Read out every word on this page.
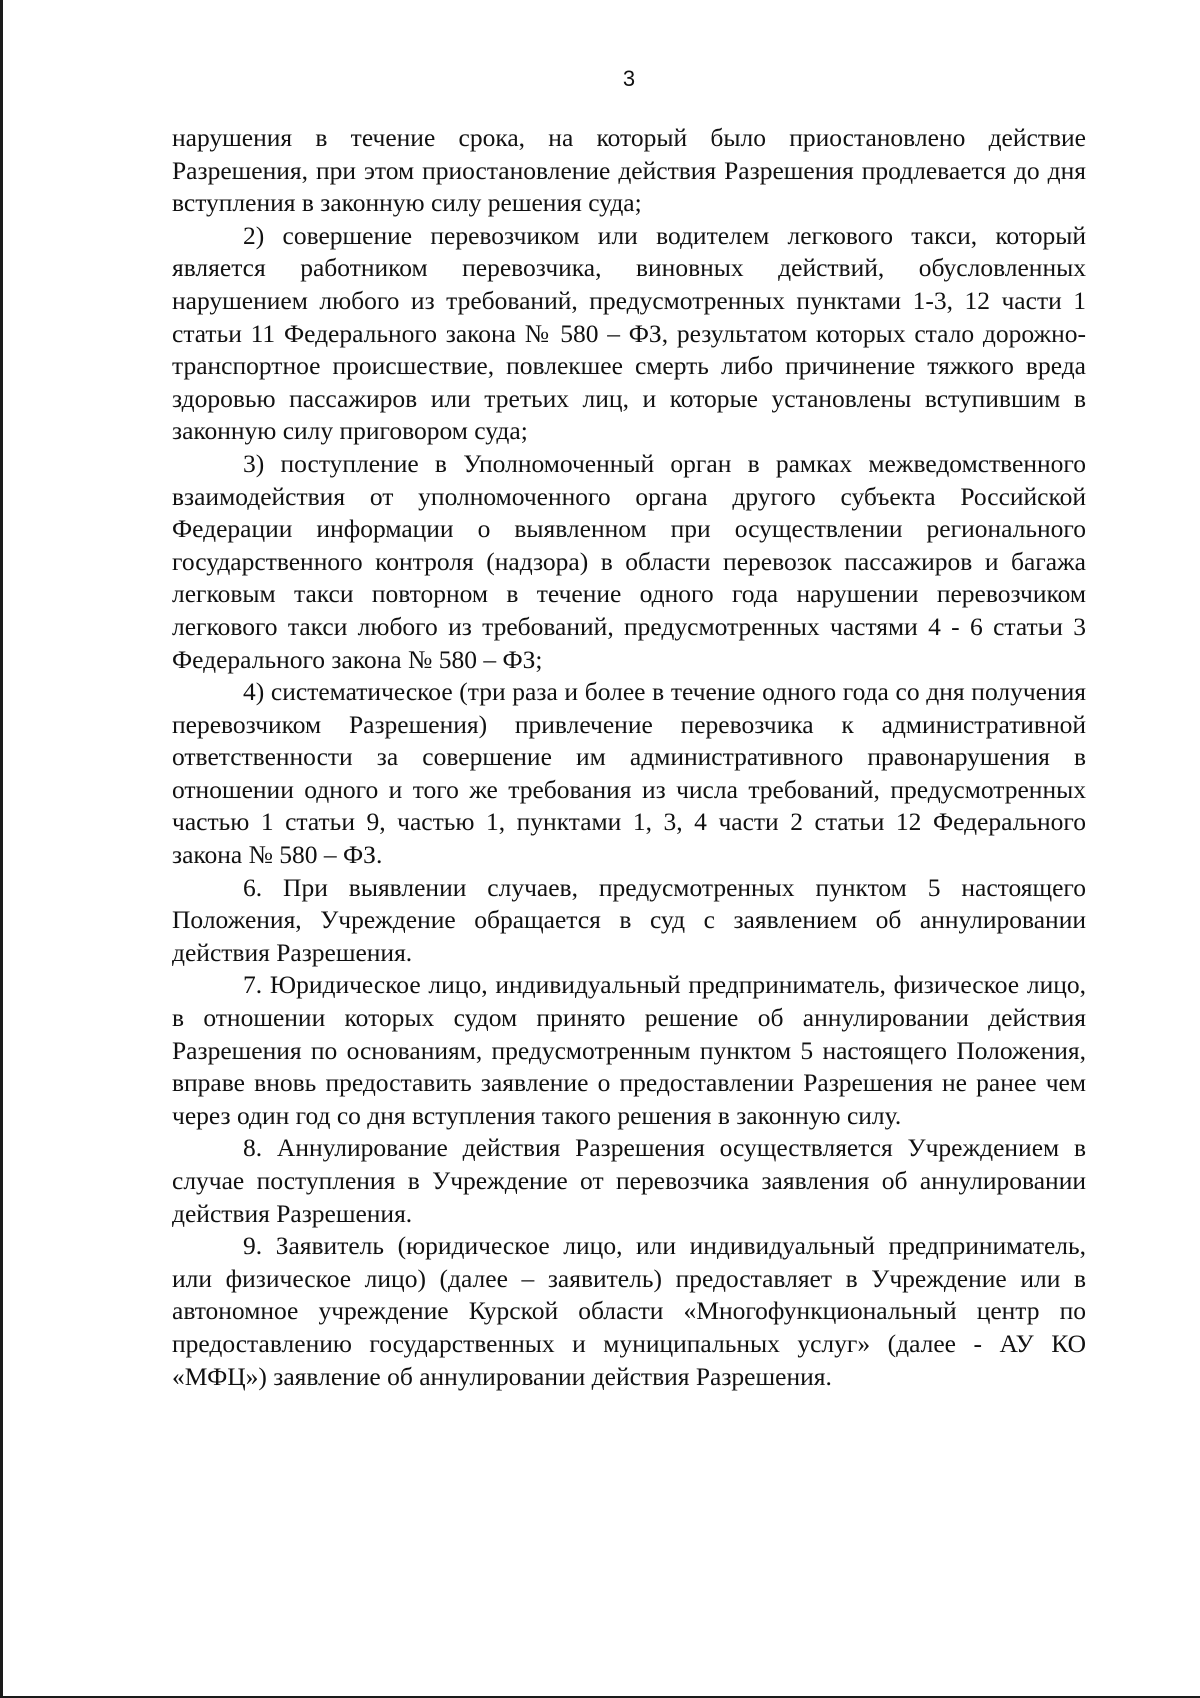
3

нарушения в течение срока, на который было приостановлено действие Разрешения, при этом приостановление действия Разрешения продлевается до дня вступления в законную силу решения суда;

2) совершение перевозчиком или водителем легкового такси, который является работником перевозчика, виновных действий, обусловленных нарушением любого из требований, предусмотренных пунктами 1-3, 12 части 1 статьи 11 Федерального закона № 580 – ФЗ, результатом которых стало дорожно-транспортное происшествие, повлекшее смерть либо причинение тяжкого вреда здоровью пассажиров или третьих лиц, и которые установлены вступившим в законную силу приговором суда;

3) поступление в Уполномоченный орган в рамках межведомственного взаимодействия от уполномоченного органа другого субъекта Российской Федерации информации о выявленном при осуществлении регионального государственного контроля (надзора) в области перевозок пассажиров и багажа легковым такси повторном в течение одного года нарушении перевозчиком легкового такси любого из требований, предусмотренных частями 4 - 6 статьи 3 Федерального закона № 580 – ФЗ;

4) систематическое (три раза и более в течение одного года со дня получения перевозчиком Разрешения) привлечение перевозчика к административной ответственности за совершение им административного правонарушения в отношении одного и того же требования из числа требований, предусмотренных частью 1 статьи 9, частью 1, пунктами 1, 3, 4 части 2 статьи 12 Федерального закона № 580 – ФЗ.

6. При выявлении случаев, предусмотренных пунктом 5 настоящего Положения, Учреждение обращается в суд с заявлением об аннулировании действия Разрешения.

7. Юридическое лицо, индивидуальный предприниматель, физическое лицо, в отношении которых судом принято решение об аннулировании действия Разрешения по основаниям, предусмотренным пунктом 5 настоящего Положения, вправе вновь предоставить заявление о предоставлении Разрешения не ранее чем через один год со дня вступления такого решения в законную силу.

8. Аннулирование действия Разрешения осуществляется Учреждением в случае поступления в Учреждение от перевозчика заявления об аннулировании действия Разрешения.

9. Заявитель (юридическое лицо, или индивидуальный предприниматель, или физическое лицо) (далее – заявитель) предоставляет в Учреждение или в автономное учреждение Курской области «Многофункциональный центр по предоставлению государственных и муниципальных услуг» (далее - АУ КО «МФЦ») заявление об аннулировании действия Разрешения.
